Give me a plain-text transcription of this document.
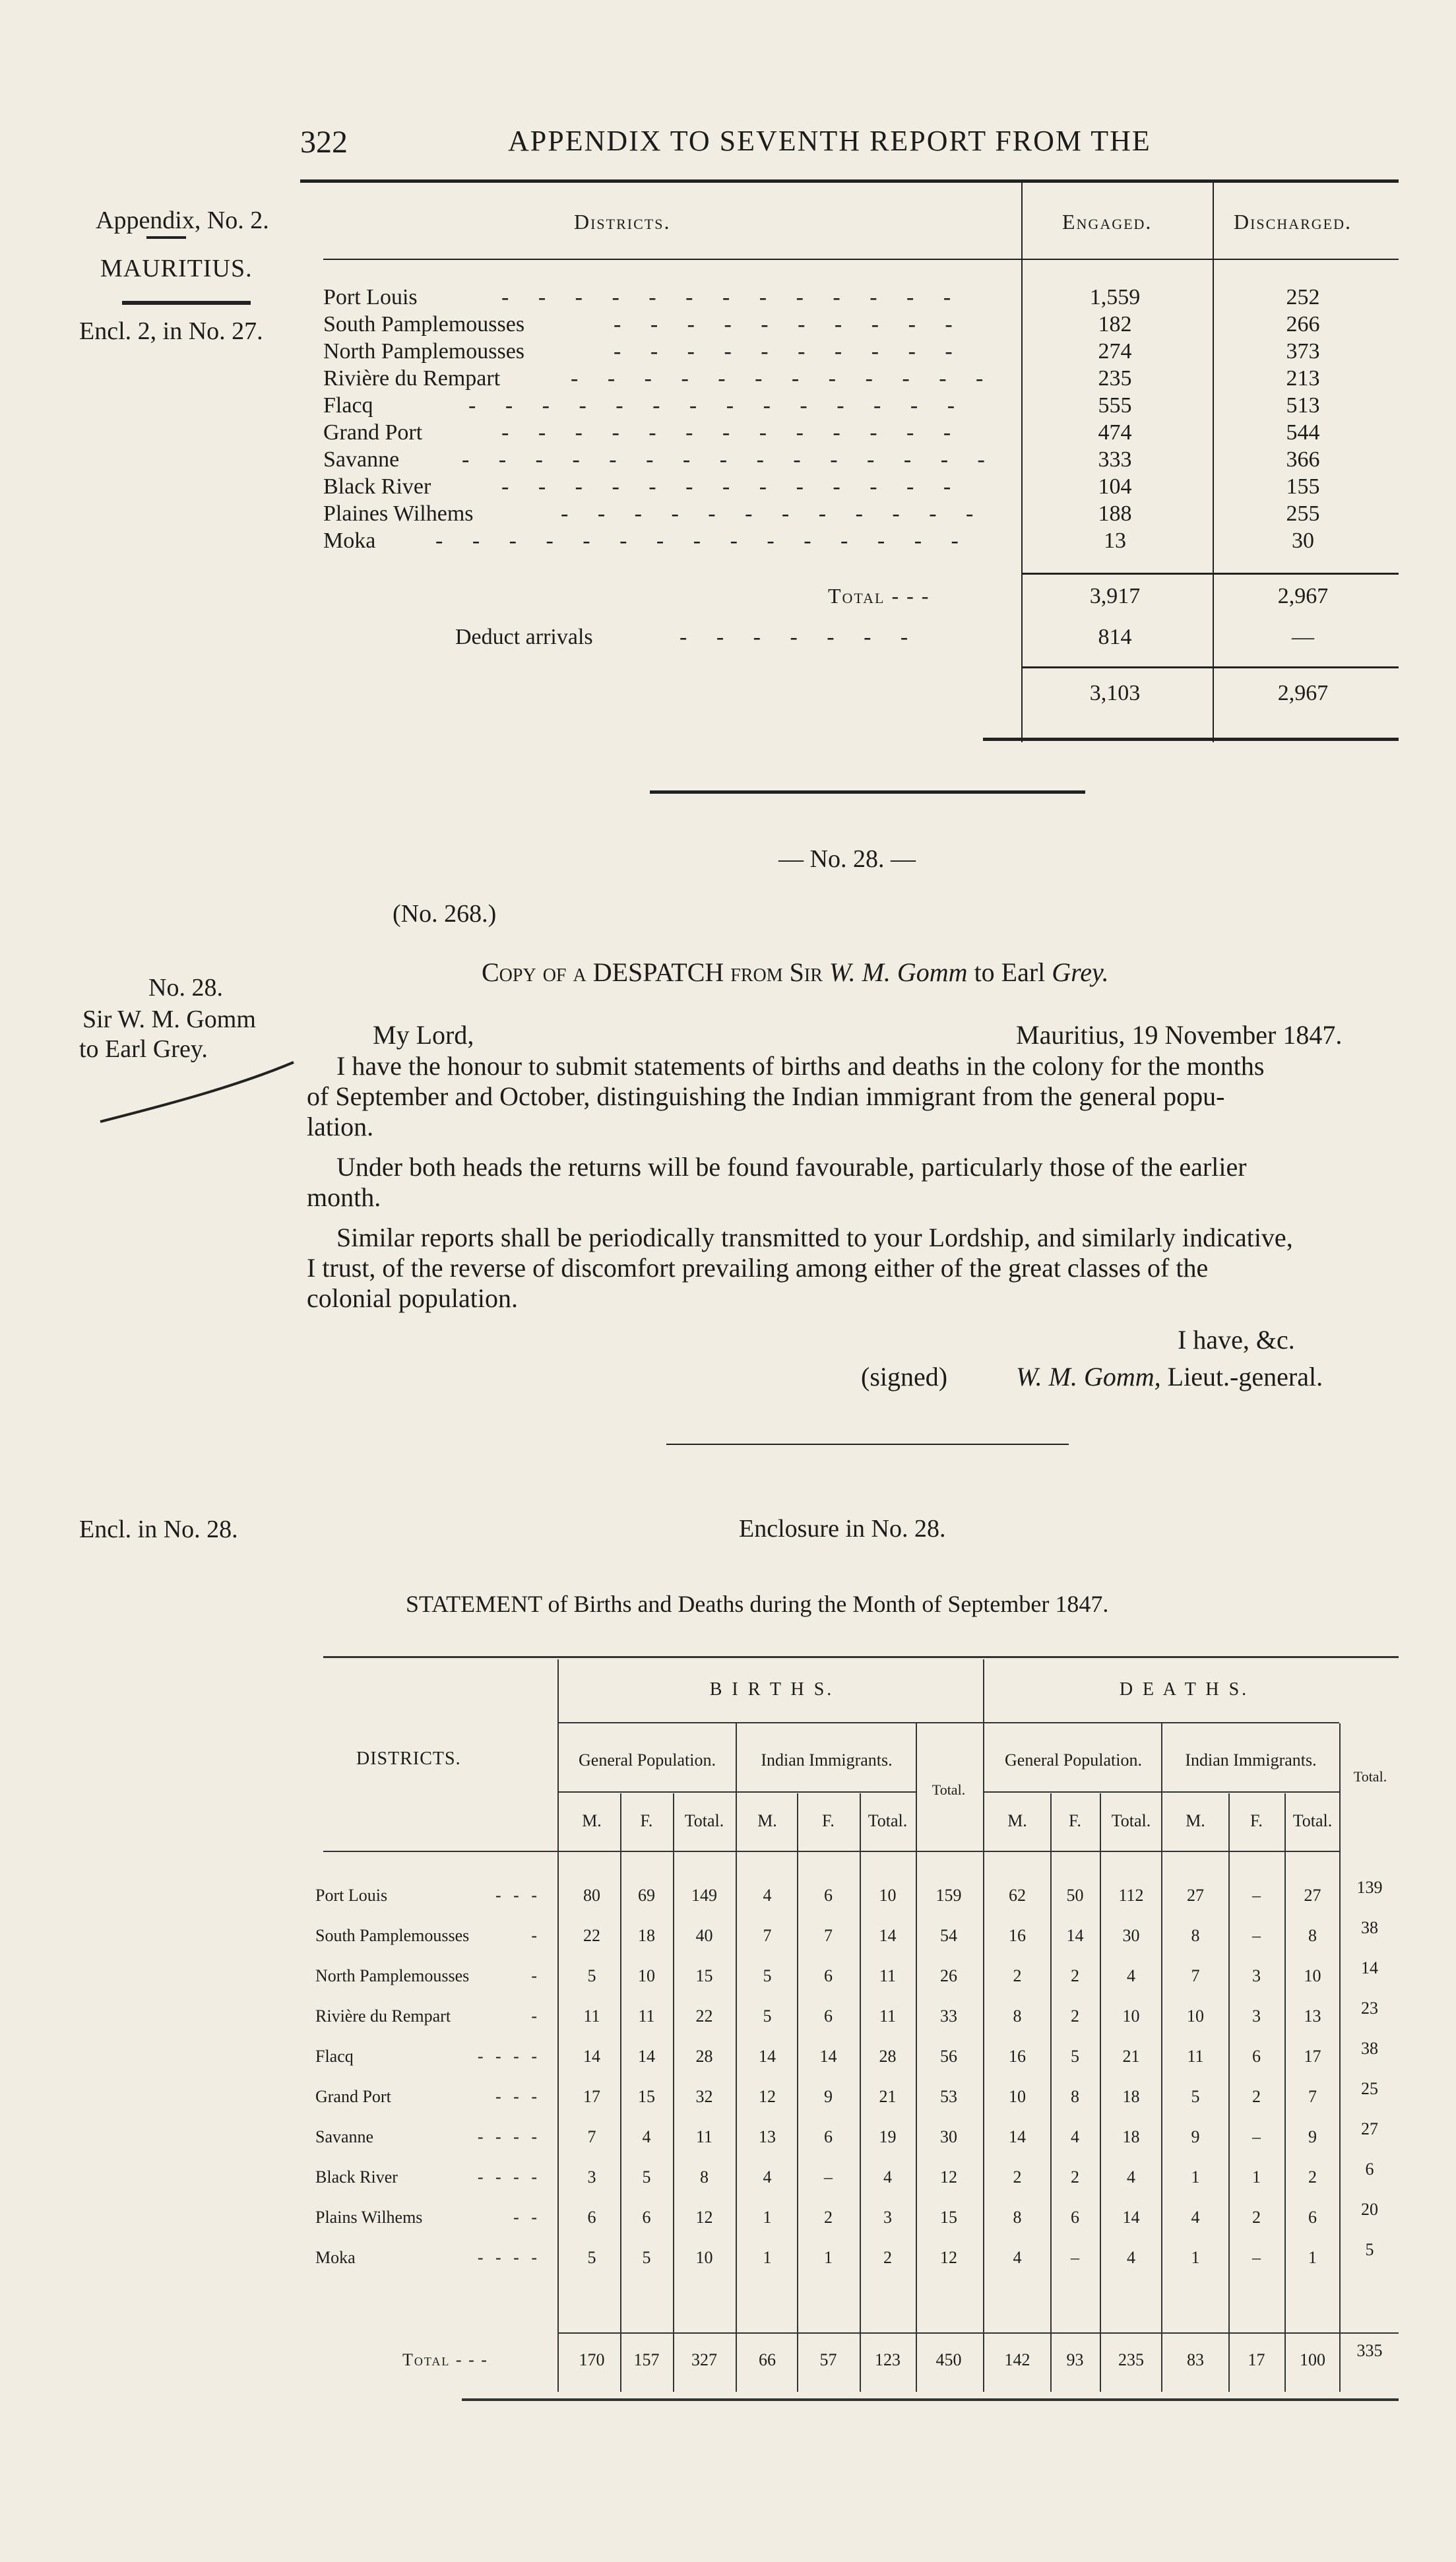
322	APPENDIX TO SEVENTH REPORT FROM THE
Appendix, No. 2.
MAURITIUS.
Encl. 2, in No. 27.
No. 28.
Sir W. M. Gomm
to Earl Grey.
Encl. in No. 28.
Districts.	Engaged.	Discharged.
Port Louis	- - - - - - - - - - - - -	1,559	252
South Pamplemousses	- - - - - - - - - -	182	266
North Pamplemousses	- - - - - - - - - -	274	373
Rivière du Rempart	- - - - - - - - - - - -	235	213
Flacq	- - - - - - - - - - - - - -	555	513
Grand Port	- - - - - - - - - - - - -	474	544
Savanne	- - - - - - - - - - - - - - -	333	366
Black River	- - - - - - - - - - - - -	104	155
Plaines Wilhems	- - - - - - - - - - - -	188	255
Moka	- - - - - - - - - - - - - - -	13	30
Total - - -	3,917	2,967
Deduct arrivals	- - - - - - -	814	—
3,103	2,967
— No. 28. —
(No. 268.)
Copy of a DESPATCH from Sir W. M. Gomm to Earl Grey.
My Lord,	Mauritius, 19 November 1847.
I have the honour to submit statements of births and deaths in the colony for the months
of September and October, distinguishing the Indian immigrant from the general popu-
lation.
Under both heads the returns will be found favourable, particularly those of the earlier
month.
Similar reports shall be periodically transmitted to your Lordship, and similarly indicative,
I trust, of the reverse of discomfort prevailing among either of the great classes of the
colonial population.
I have, &c.
(signed)	W. M. Gomm, Lieut.-general.
Enclosure in No. 28.
STATEMENT of Births and Deaths during the Month of September 1847.
DISTRICTS.
B I R T H S.	D E A T H S.
General Population.	Indian Immigrants.
Total.
General Population.	Indian Immigrants.
Total.
M.	F.	Total.	M.	F.	Total.	M.	F.	Total.	M.	F.	Total.
Port Louis	- - -	80	69	149	4	6	10	159	62	50	112	27	–	27	139
South Pamplemousses	-	22	18	40	7	7	14	54	16	14	30	8	–	8	38
North Pamplemousses	-	5	10	15	5	6	11	26	2	2	4	7	3	10	14
Rivière du Rempart	-	11	11	22	5	6	11	33	8	2	10	10	3	13	23
Flacq	- - - -	14	14	28	14	14	28	56	16	5	21	11	6	17	38
Grand Port	- - -	17	15	32	12	9	21	53	10	8	18	5	2	7	25
Savanne	- - - -	7	4	11	13	6	19	30	14	4	18	9	–	9	27
Black River	- - - -	3	5	8	4	–	4	12	2	2	4	1	1	2	6
Plains Wilhems	- -	6	6	12	1	2	3	15	8	6	14	4	2	6	20
Moka	- - - -	5	5	10	1	1	2	12	4	–	4	1	–	1	5
Total - - -	170	157	327	66	57	123	450	142	93	235	83	17	100	335
